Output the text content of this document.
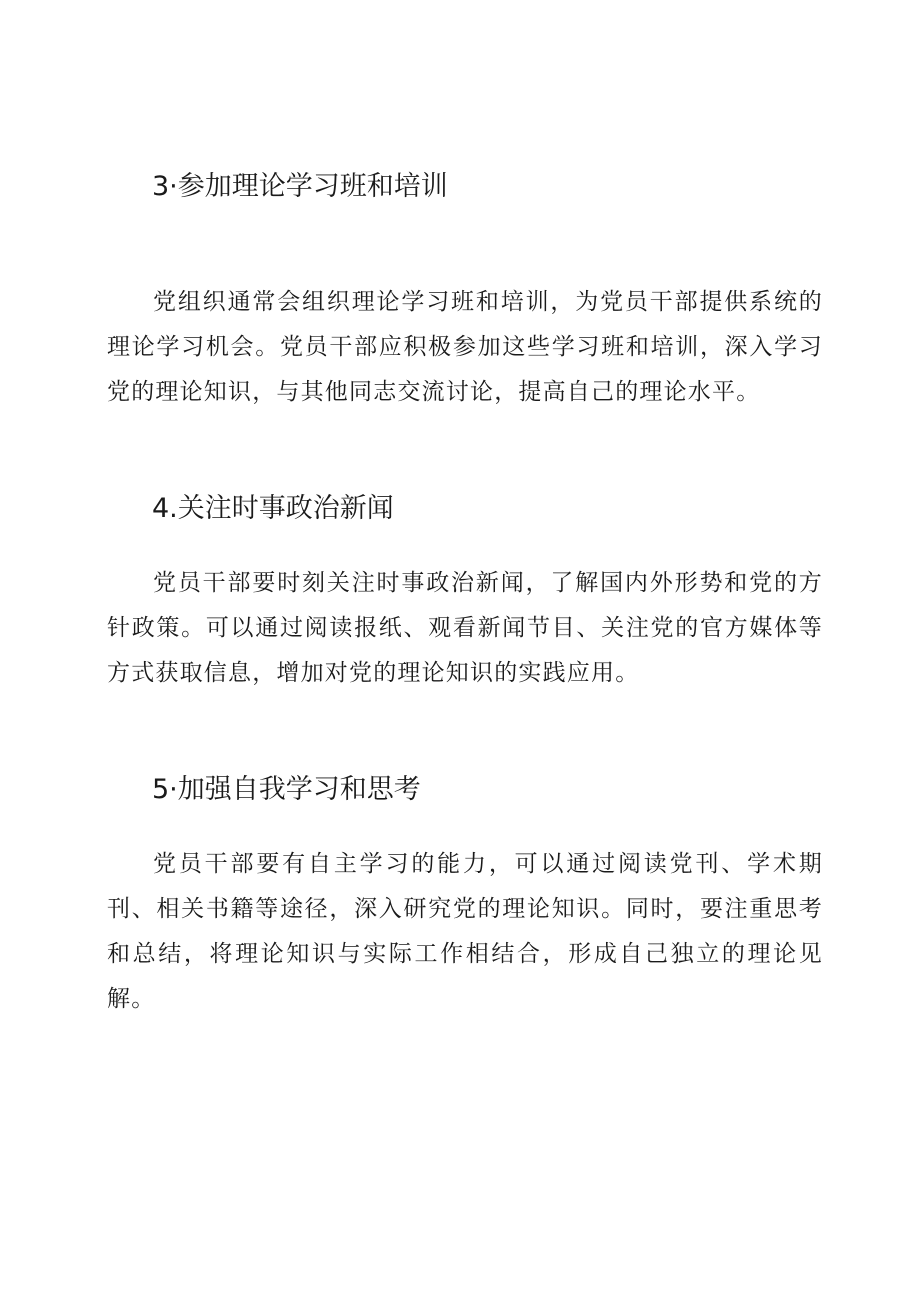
3·参加理论学习班和培训

党组织通常会组织理论学习班和培训，为党员干部提供系统的理论学习机会。党员干部应积极参加这些学习班和培训，深入学习党的理论知识，与其他同志交流讨论，提高自己的理论水平。

4.关注时事政治新闻

党员干部要时刻关注时事政治新闻，了解国内外形势和党的方针政策。可以通过阅读报纸、观看新闻节目、关注党的官方媒体等方式获取信息，增加对党的理论知识的实践应用。

5·加强自我学习和思考

党员干部要有自主学习的能力，可以通过阅读党刊、学术期刊、相关书籍等途径，深入研究党的理论知识。同时，要注重思考和总结，将理论知识与实际工作相结合，形成自己独立的理论见解。
